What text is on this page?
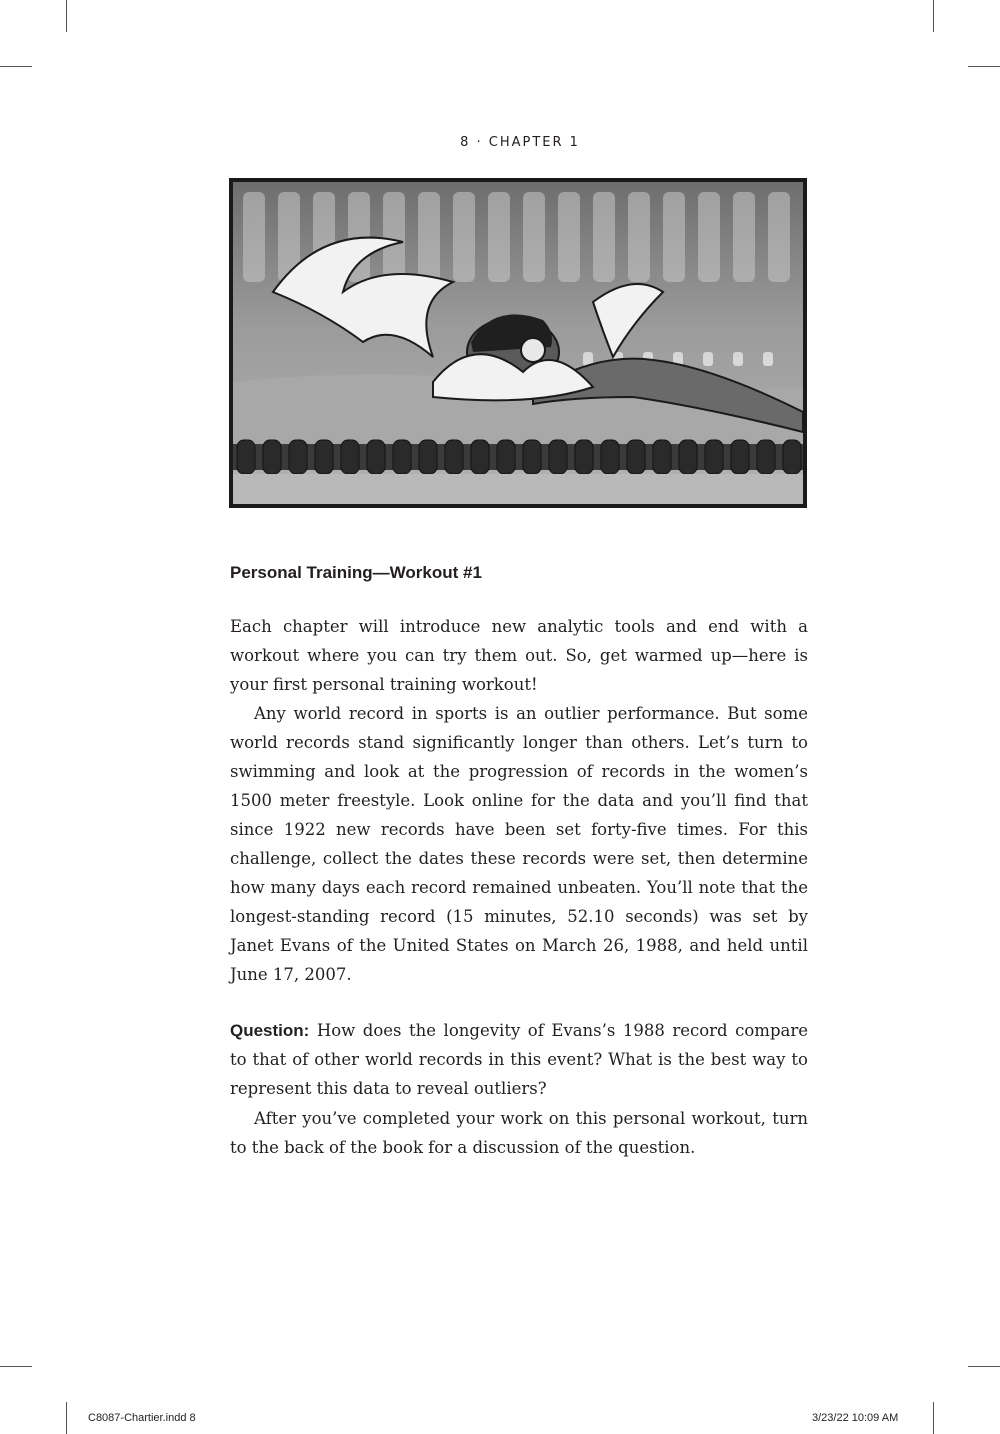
8 · CHAPTER 1
Personal Training—Workout #1

Each chapter will introduce new analytic tools and end with a workout where you can try them out. So, get warmed up—here is your first personal training workout!

Any world record in sports is an outlier performance. But some world records stand significantly longer than others. Let’s turn to swimming and look at the progression of records in the women’s 1500 meter freestyle. Look online for the data and you’ll find that since 1922 new records have been set forty-five times. For this challenge, collect the dates these records were set, then determine how many days each record remained unbeaten. You’ll note that the longest-standing record (15 minutes, 52.10 seconds) was set by Janet Evans of the United States on March 26, 1988, and held until June 17, 2007.

Question: How does the longevity of Evans’s 1988 record compare to that of other world records in this event? What is the best way to represent this data to reveal outliers?

After you’ve completed your work on this personal workout, turn to the back of the book for a discussion of the question.

C8087-Chartier.indd 8	3/23/22 10:09 AM
